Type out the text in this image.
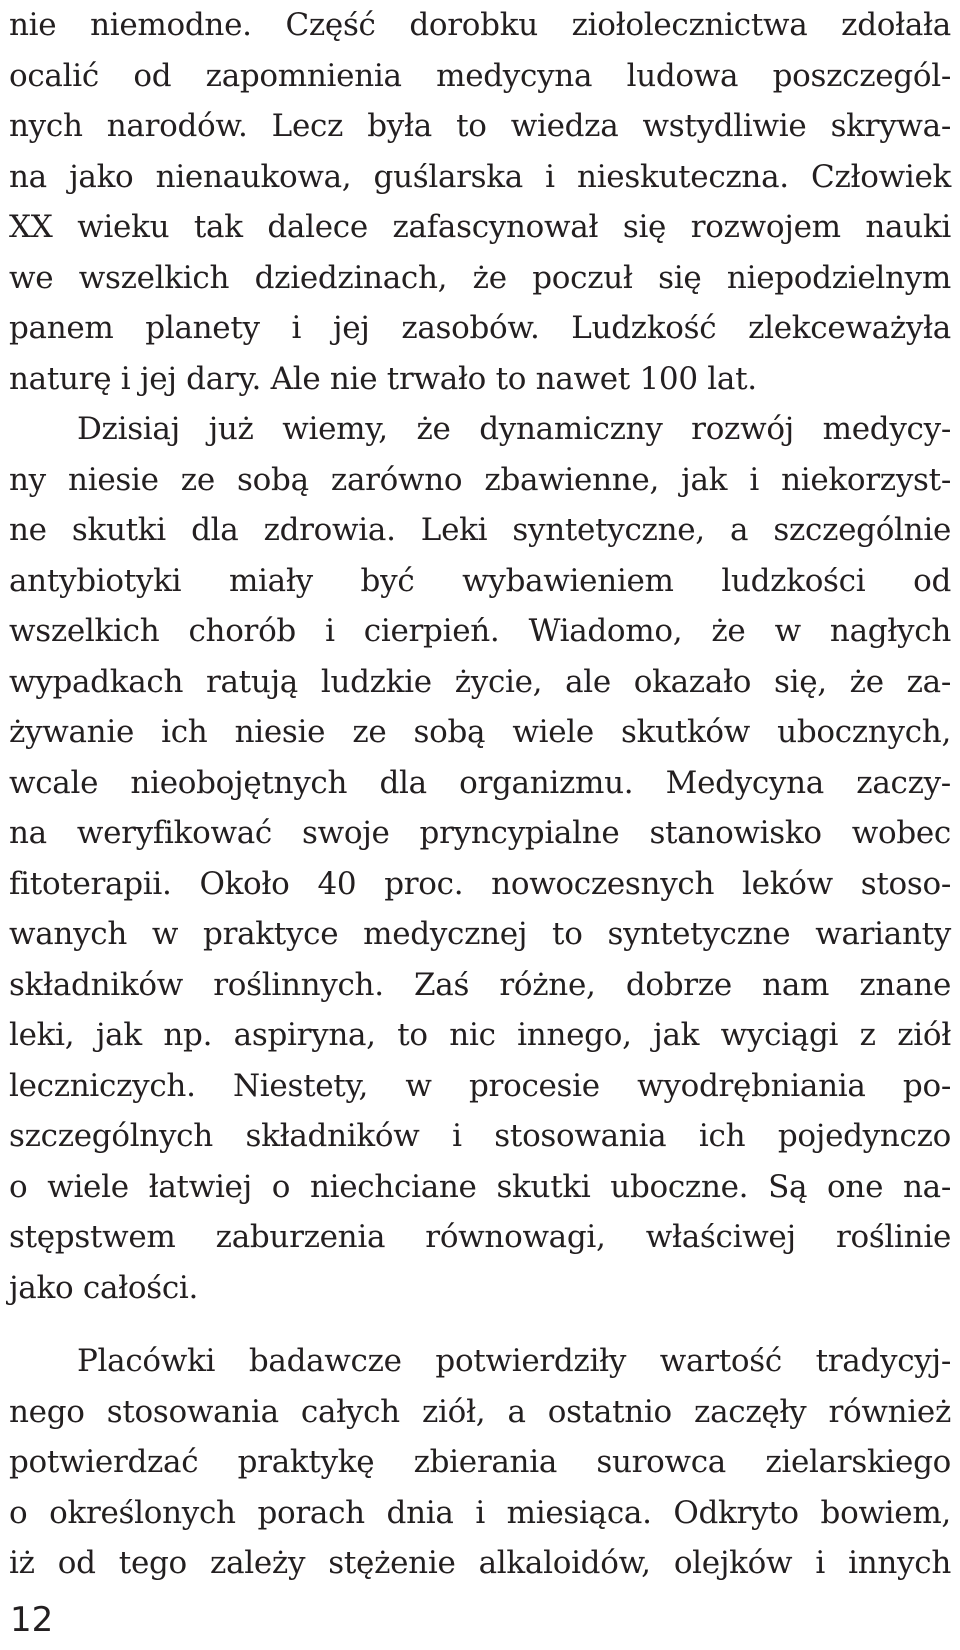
nie niemodne. Część dorobku ziołolecznictwa zdołała
ocalić od zapomnienia medycyna ludowa poszczegól-
nych narodów. Lecz była to wiedza wstydliwie skrywa-
na jako nienaukowa, guślarska i nieskuteczna. Człowiek
XX wieku tak dalece zafascynował się rozwojem nauki
we wszelkich dziedzinach, że poczuł się niepodzielnym
panem planety i jej zasobów. Ludzkość zlekceważyła
naturę i jej dary. Ale nie trwało to nawet 100 lat.
Dzisiaj już wiemy, że dynamiczny rozwój medycy-
ny niesie ze sobą zarówno zbawienne, jak i niekorzyst-
ne skutki dla zdrowia. Leki syntetyczne, a szczególnie
antybiotyki miały być wybawieniem ludzkości od
wszelkich chorób i cierpień. Wiadomo, że w nagłych
wypadkach ratują ludzkie życie, ale okazało się, że za-
żywanie ich niesie ze sobą wiele skutków ubocznych,
wcale nieobojętnych dla organizmu. Medycyna zaczy-
na weryfikować swoje pryncypialne stanowisko wobec
fitoterapii. Około 40 proc. nowoczesnych leków stoso-
wanych w praktyce medycznej to syntetyczne warianty
składników roślinnych. Zaś różne, dobrze nam znane
leki, jak np. aspiryna, to nic innego, jak wyciągi z ziół
leczniczych. Niestety, w procesie wyodrębniania po-
szczególnych składników i stosowania ich pojedynczo
o wiele łatwiej o niechciane skutki uboczne. Są one na-
stępstwem zaburzenia równowagi, właściwej roślinie
jako całości.
Placówki badawcze potwierdziły wartość tradycyj-
nego stosowania całych ziół, a ostatnio zaczęły również
potwierdzać praktykę zbierania surowca zielarskiego
o określonych porach dnia i miesiąca. Odkryto bowiem,
iż od tego zależy stężenie alkaloidów, olejków i innych
12
